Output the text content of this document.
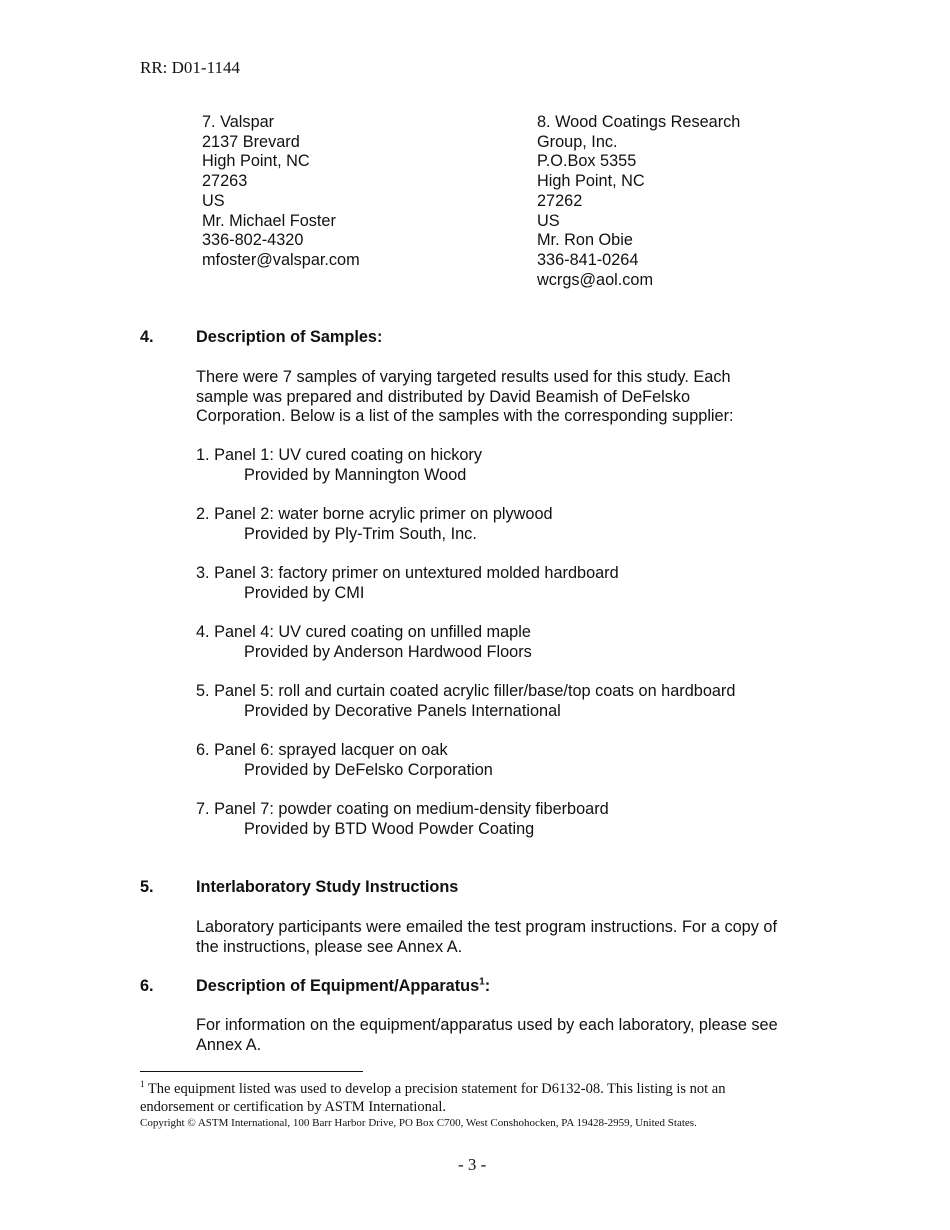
RR: D01-1144
7. Valspar
2137 Brevard
High Point, NC
27263
US
Mr. Michael Foster
336-802-4320
mfoster@valspar.com
8. Wood Coatings Research
Group, Inc.
P.O.Box 5355
High Point, NC
27262
US
Mr. Ron Obie
336-841-0264
wcrgs@aol.com
4.	Description of Samples:
There were 7 samples of varying targeted results used for this study. Each
sample was prepared and distributed by David Beamish of DeFelsko
Corporation. Below is a list of the samples with the corresponding supplier:
1. Panel 1: UV cured coating on hickory
Provided by Mannington Wood
2. Panel 2: water borne acrylic primer on plywood
Provided by Ply-Trim South, Inc.
3. Panel 3: factory primer on untextured molded hardboard
Provided by CMI
4. Panel 4: UV cured coating on unfilled maple
Provided by Anderson Hardwood Floors
5. Panel 5: roll and curtain coated acrylic filler/base/top coats on hardboard
Provided by Decorative Panels International
6. Panel 6: sprayed lacquer on oak
Provided by DeFelsko Corporation
7. Panel 7: powder coating on medium-density fiberboard
Provided by BTD Wood Powder Coating
5.	Interlaboratory Study Instructions
Laboratory participants were emailed the test program instructions. For a copy of
the instructions, please see Annex A.
6.	Description of Equipment/Apparatus$^1$:
For information on the equipment/apparatus used by each laboratory, please see
Annex A.
$^1$ The equipment listed was used to develop a precision statement for D6132-08. This listing is not an
endorsement or certification by ASTM International.
Copyright © ASTM International, 100 Barr Harbor Drive, PO Box C700, West Conshohocken, PA 19428-2959, United States.
- 3 -
